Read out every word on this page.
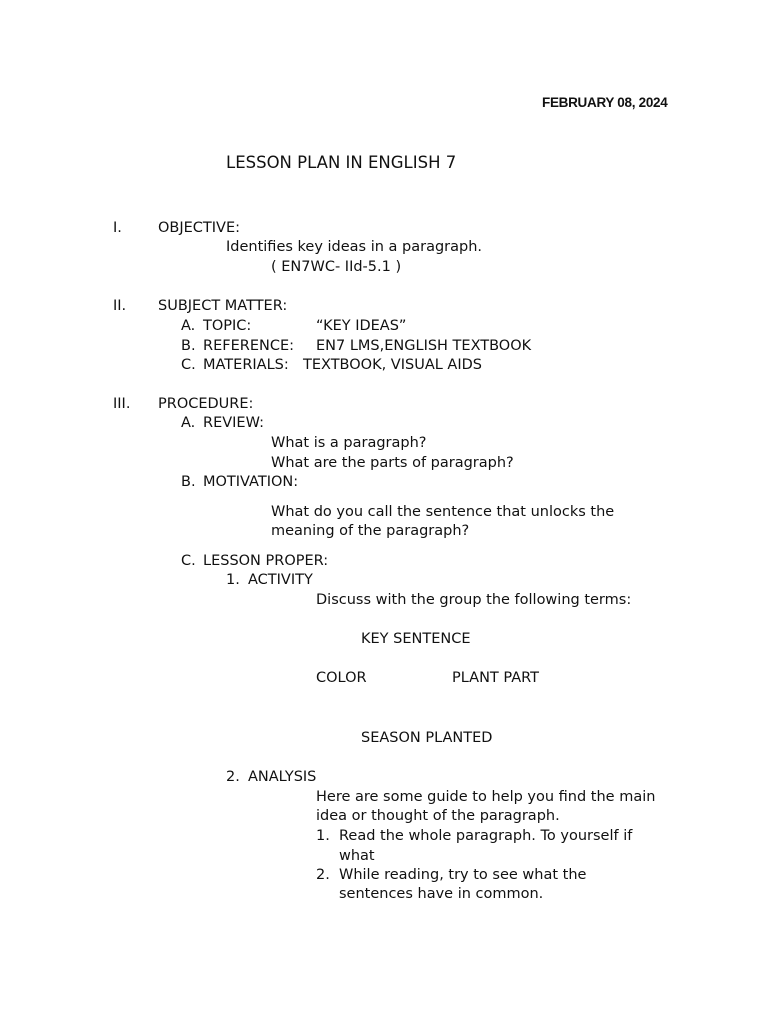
FEBRUARY 08, 2024
LESSON PLAN IN ENGLISH 7
I. OBJECTIVE:
Identifies key ideas in a paragraph.
( EN7WC- IId-5.1 )
II. SUBJECT MATTER:
A. TOPIC:	“KEY IDEAS”
B. REFERENCE: EN7 LMS,ENGLISH TEXTBOOK
C. MATERIALS: TEXTBOOK, VISUAL AIDS
III. PROCEDURE:
A. REVIEW:
What is a paragraph?
What are the parts of paragraph?
B. MOTIVATION:
What do you call the sentence that unlocks the
meaning of the paragraph?
C. LESSON PROPER:
1. ACTIVITY
Discuss with the group the following terms:
KEY SENTENCE
COLOR	PLANT PART
SEASON PLANTED
2. ANALYSIS
Here are some guide to help you find the main
idea or thought of the paragraph.
1. Read the whole paragraph. To yourself if
what
2. While reading, try to see what the
sentences have in common.
